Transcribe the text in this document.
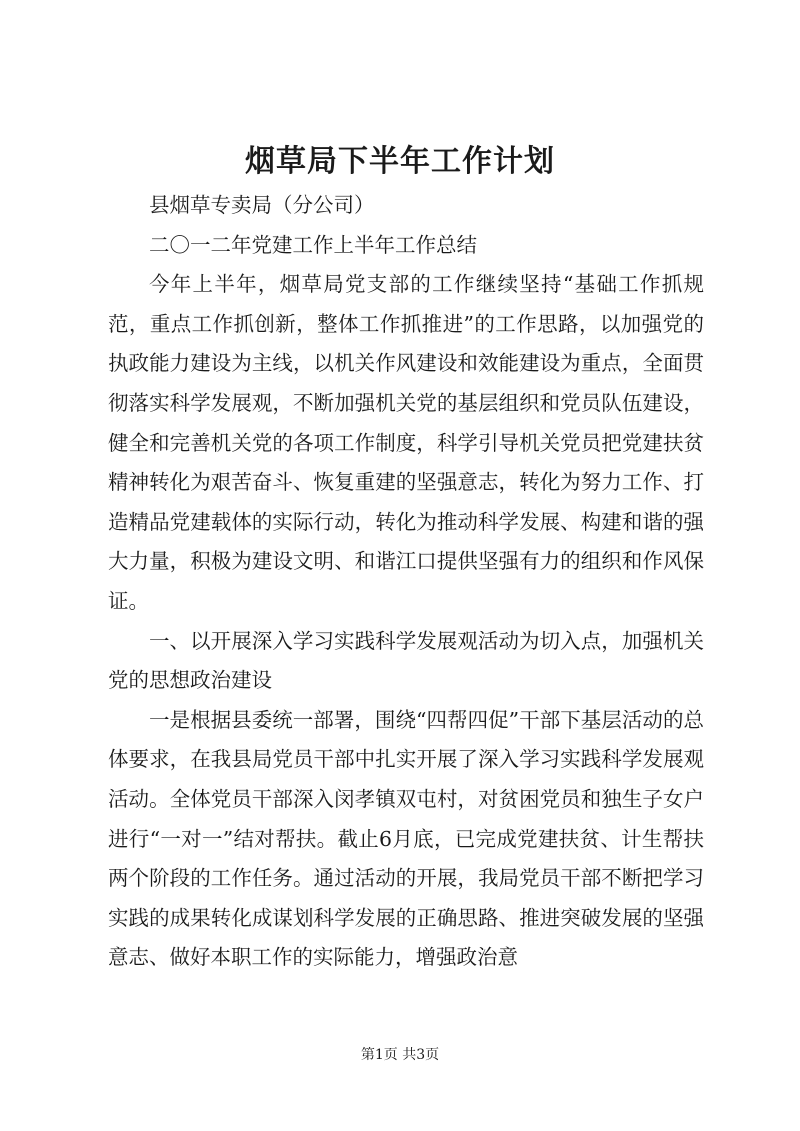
烟草局下半年工作计划

县烟草专卖局（分公司）

二〇一二年党建工作上半年工作总结

今年上半年，烟草局党支部的工作继续坚持“基础工作抓规范，重点工作抓创新，整体工作抓推进”的工作思路，以加强党的执政能力建设为主线，以机关作风建设和效能建设为重点，全面贯彻落实科学发展观，不断加强机关党的基层组织和党员队伍建设，健全和完善机关党的各项工作制度，科学引导机关党员把党建扶贫精神转化为艰苦奋斗、恢复重建的坚强意志，转化为努力工作、打造精品党建载体的实际行动，转化为推动科学发展、构建和谐的强大力量，积极为建设文明、和谐江口提供坚强有力的组织和作风保证。

一、以开展深入学习实践科学发展观活动为切入点，加强机关党的思想政治建设

一是根据县委统一部署，围绕“四帮四促”干部下基层活动的总体要求，在我县局党员干部中扎实开展了深入学习实践科学发展观活动。全体党员干部深入闵孝镇双屯村，对贫困党员和独生子女户进行“一对一”结对帮扶。截止6月底，已完成党建扶贫、计生帮扶两个阶段的工作任务。通过活动的开展，我局党员干部不断把学习实践的成果转化成谋划科学发展的正确思路、推进突破发展的坚强意志、做好本职工作的实际能力，增强政治意

第1页 共3页
